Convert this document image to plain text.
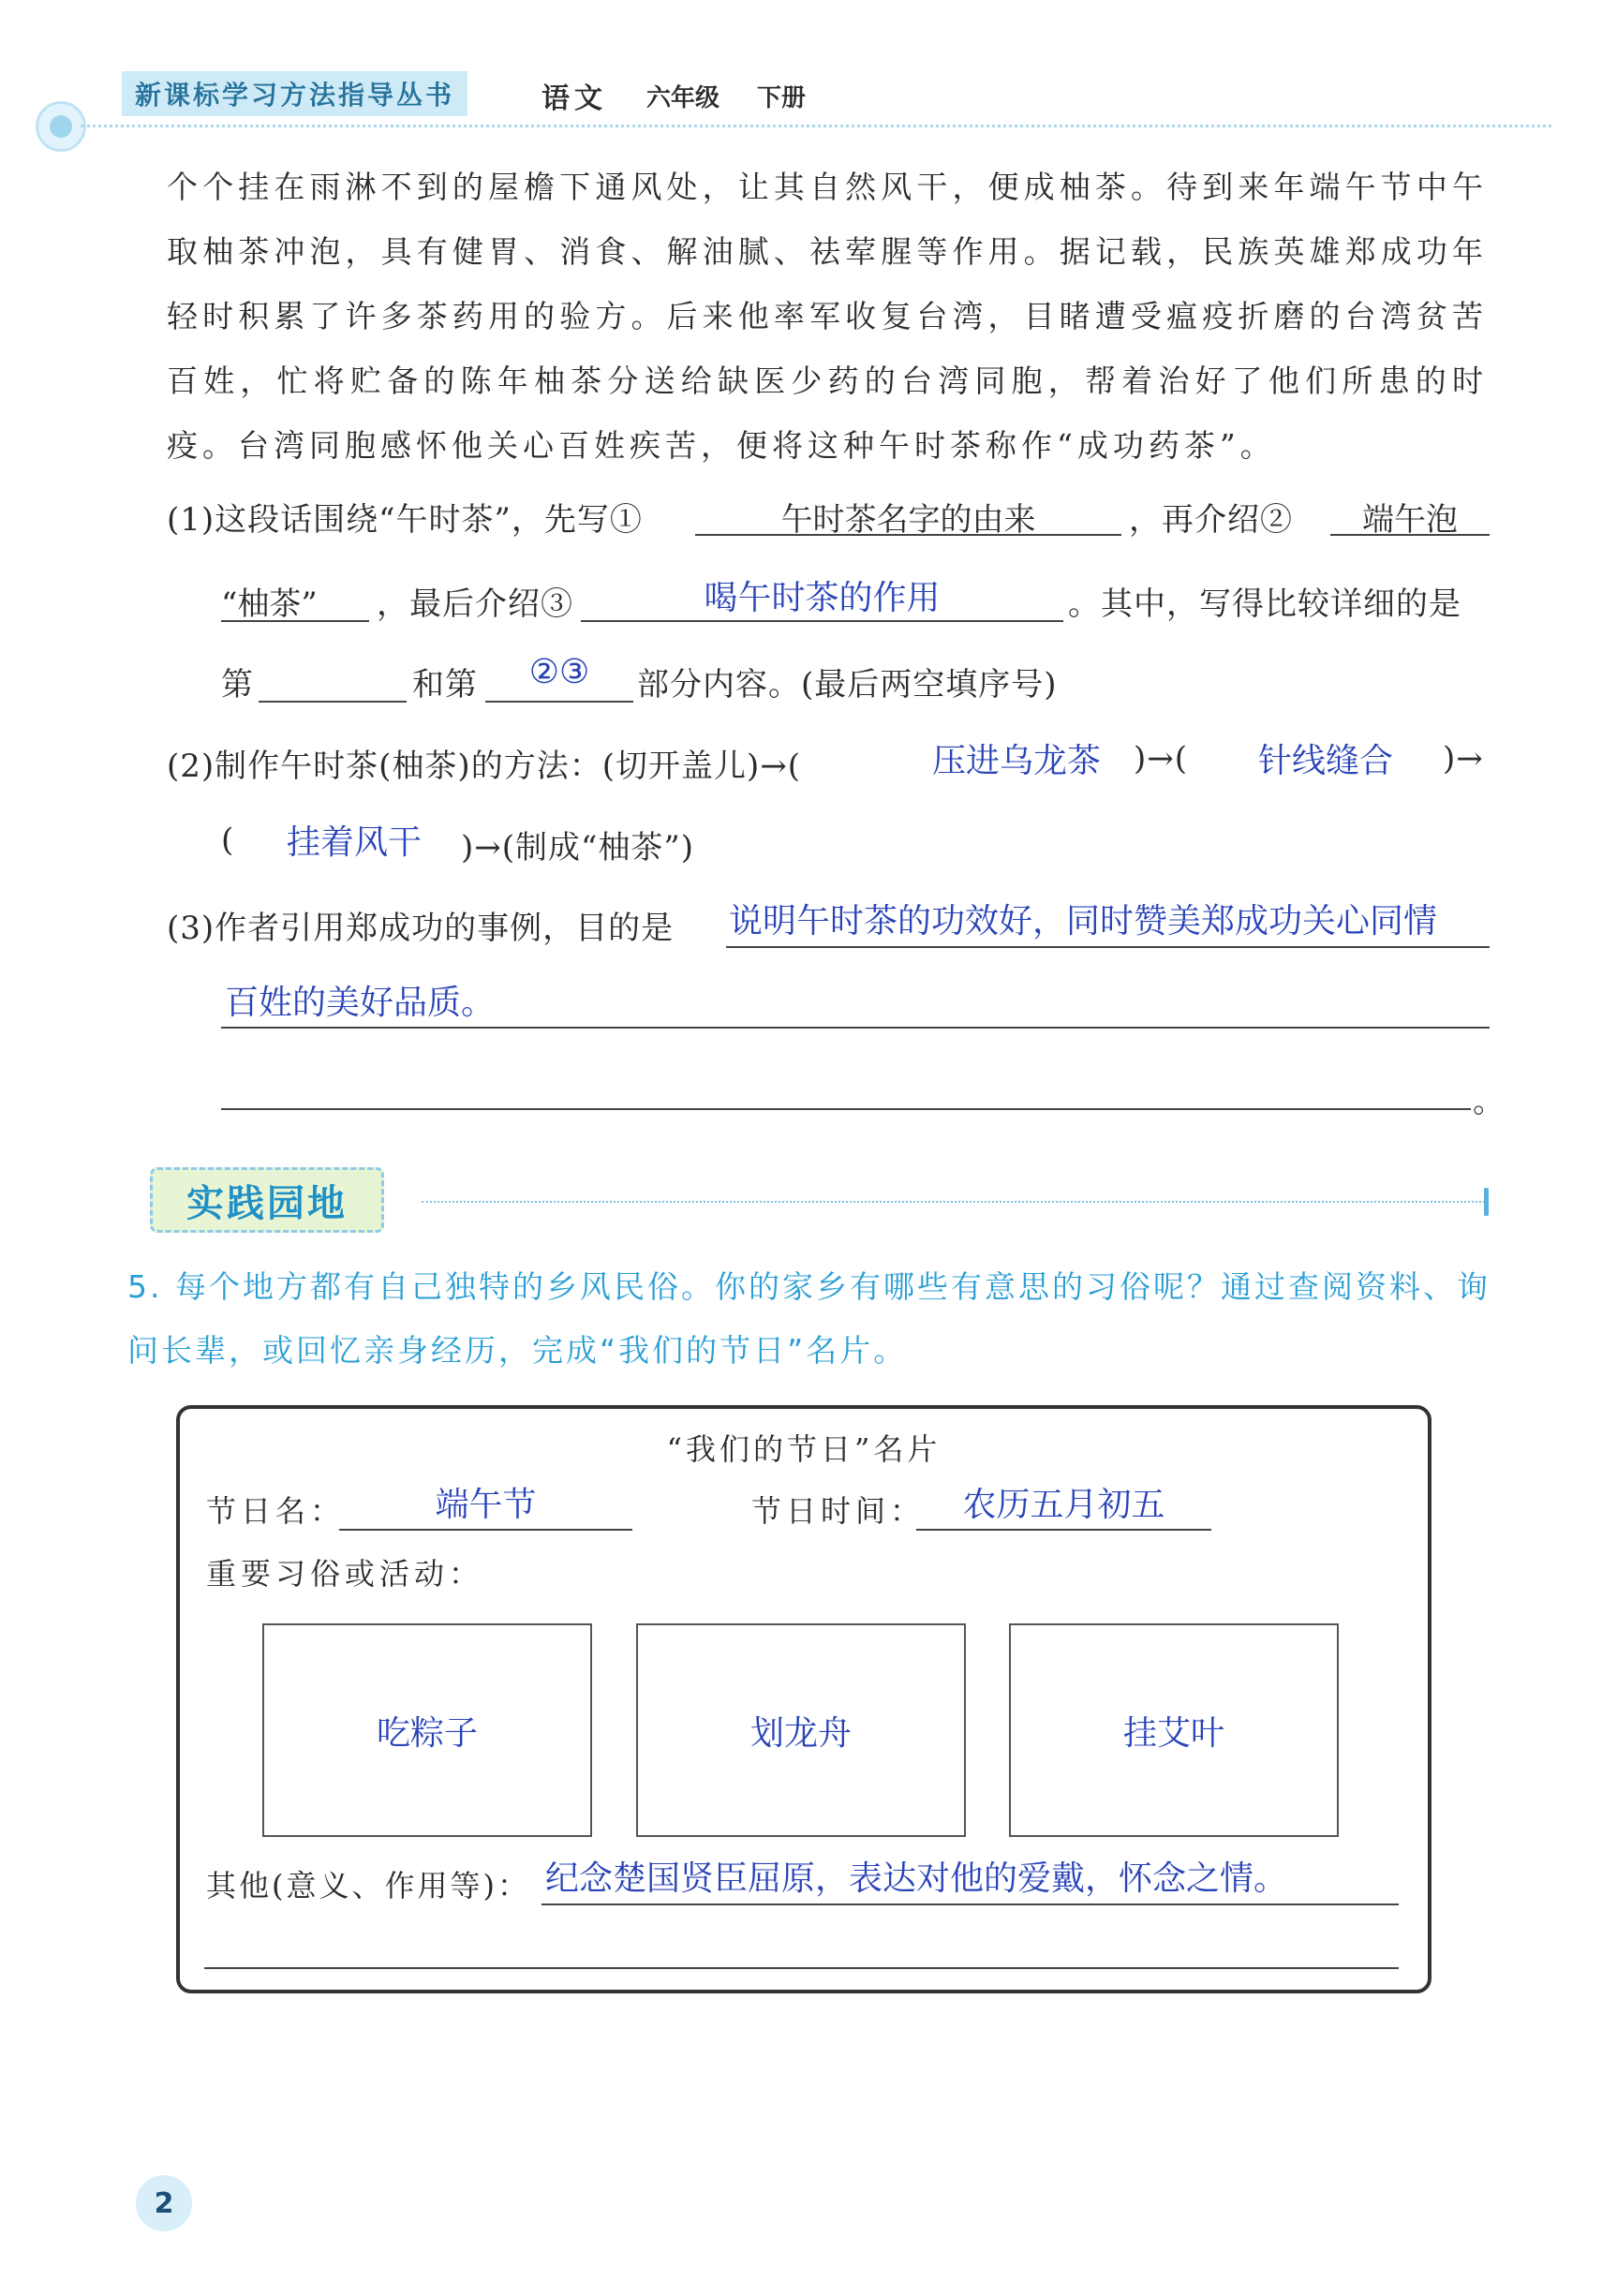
新课标学习方法指导丛书	语文 六年级 下册
个个挂在雨淋不到的屋檐下通风处，让其自然风干，便成柚茶。待到来年端午节中午取柚茶冲泡，具有健胃、消食、解油腻、祛荤腥等作用。据记载，民族英雄郑成功年轻时积累了许多茶药用的验方。后来他率军收复台湾，目睹遭受瘟疫折磨的台湾贫苦百姓，忙将贮备的陈年柚茶分送给缺医少药的台湾同胞，帮着治好了他们所患的时疫。台湾同胞感怀他关心百姓疾苦，便将这种午时茶称作“成功药茶”。
(1)这段话围绕“午时茶”，先写①	午时茶名字的由来	，再介绍②	端午泡
“柚茶” ，最后介绍③	喝午时茶的作用	。其中，写得比较详细的是
第	和第	②③	部分内容。(最后两空填序号)
(2)制作午时茶(柚茶)的方法：(切开盖儿)→(	压进乌龙茶	)→(	针线缝合	)→
(	挂着风干	)→(制成“柚茶”)
(3)作者引用郑成功的事例，目的是 说明午时茶的功效好，同时赞美郑成功关心同情
百姓的美好品质。
。
实践园地
5. 每个地方都有自己独特的乡风民俗。你的家乡有哪些有意思的习俗呢？通过查阅资料、询问长辈，或回忆亲身经历，完成“我们的节日”名片。
“我们的节日”名片
节日名：	端午节	节日时间：	农历五月初五
重要习俗或活动：
吃粽子	划龙舟	挂艾叶
其他(意义、作用等)： 纪念楚国贤臣屈原，表达对他的爱戴，怀念之情。
2
